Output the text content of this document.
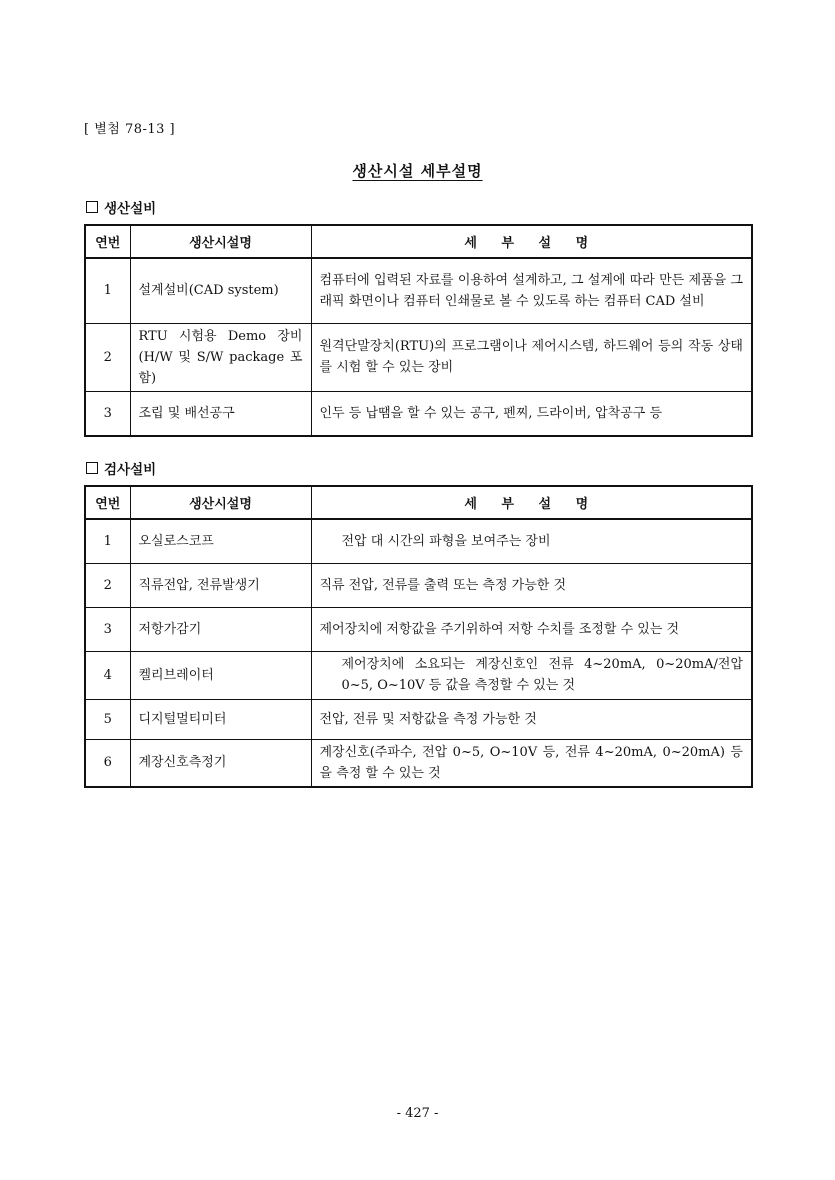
[ 별첨 78-13 ]
생산시설 세부설명
생산설비
연번	생산시설명	세 부 설 명
1	설계설비(CAD system)	컴퓨터에 입력된 자료를 이용하여 설계하고, 그 설계에 따라 만든 제품을 그래픽 화면이나 컴퓨터 인쇄물로 볼 수 있도록 하는 컴퓨터 CAD 설비
2	RTU 시험용 Demo 장비 (H/W 및 S/W package 포함)	원격단말장치(RTU)의 프로그램이나 제어시스템, 하드웨어 등의 작동 상태를 시험 할 수 있는 장비
3	조립 및 배선공구	인두 등 납땜을 할 수 있는 공구, 펜찌, 드라이버, 압착공구 등
검사설비
연번	생산시설명	세 부 설 명
1	오실로스코프	전압 대 시간의 파형을 보여주는 장비
2	직류전압, 전류발생기	직류 전압, 전류를 출력 또는 측정 가능한 것
3	저항가감기	제어장치에 저항값을 주기위하여 저항 수치를 조정할 수 있는 것
4	켈리브레이터	제어장치에 소요되는 계장신호인 전류 4~20mA, 0~20mA/전압 0~5, O~10V 등 값을 측정할 수 있는 것
5	디지털멀티미터	전압, 전류 및 저항값을 측정 가능한 것
6	계장신호측정기	계장신호(주파수, 전압 0~5, O~10V 등, 전류 4~20mA, 0~20mA) 등을 측정 할 수 있는 것
- 427 -
